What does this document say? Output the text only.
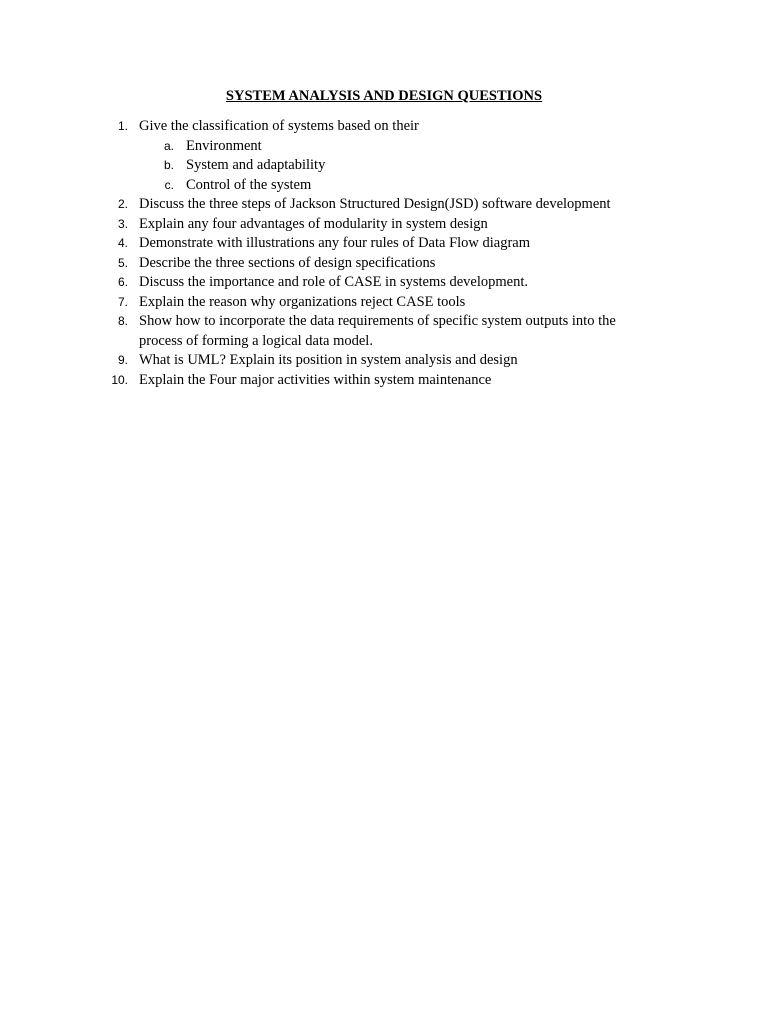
SYSTEM ANALYSIS AND DESIGN QUESTIONS
1. Give the classification of systems based on their
a. Environment
b. System and adaptability
c. Control of the system
2. Discuss the three steps of Jackson Structured Design(JSD) software development
3. Explain any four advantages of modularity in system design
4. Demonstrate with illustrations any four rules of Data Flow diagram
5. Describe the three sections of design specifications
6. Discuss the importance and role of CASE in systems development.
7. Explain the reason why organizations reject CASE tools
8. Show how to incorporate the data requirements of specific system outputs into the
process of forming a logical data model.
9. What is UML? Explain its position in system analysis and design
10. Explain the Four major activities within system maintenance
